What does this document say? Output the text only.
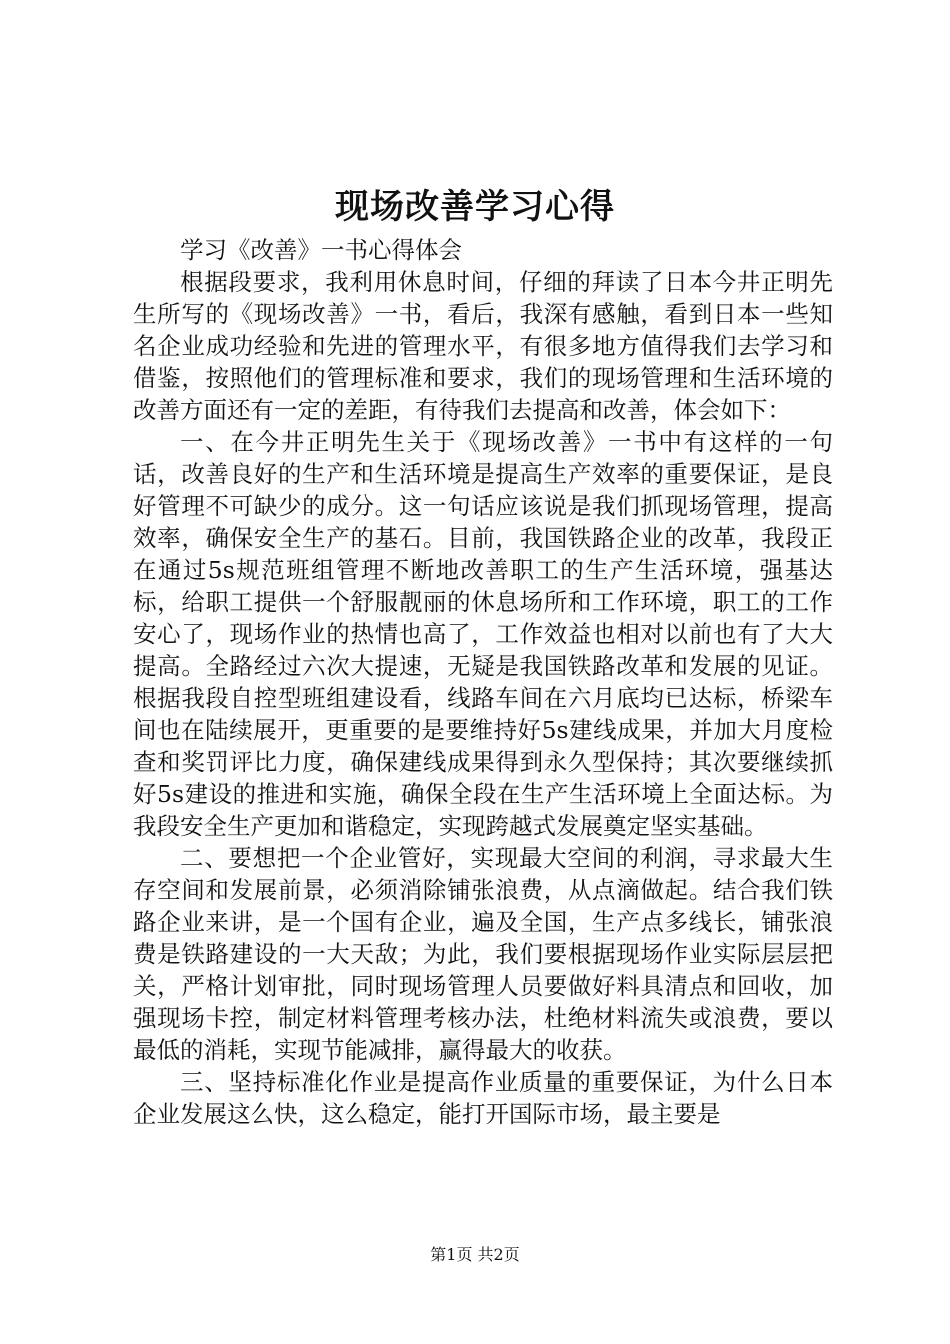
现场改善学习心得

学习《改善》一书心得体会

根据段要求，我利用休息时间，仔细的拜读了日本今井正明先生所写的《现场改善》一书，看后，我深有感触，看到日本一些知名企业成功经验和先进的管理水平，有很多地方值得我们去学习和借鉴，按照他们的管理标准和要求，我们的现场管理和生活环境的改善方面还有一定的差距，有待我们去提高和改善，体会如下：

一、在今井正明先生关于《现场改善》一书中有这样的一句话，改善良好的生产和生活环境是提高生产效率的重要保证，是良好管理不可缺少的成分。这一句话应该说是我们抓现场管理，提高效率，确保安全生产的基石。目前，我国铁路企业的改革，我段正在通过5s规范班组管理不断地改善职工的生产生活环境，强基达标，给职工提供一个舒服靓丽的休息场所和工作环境，职工的工作安心了，现场作业的热情也高了，工作效益也相对以前也有了大大提高。全路经过六次大提速，无疑是我国铁路改革和发展的见证。根据我段自控型班组建设看，线路车间在六月底均已达标，桥梁车间也在陆续展开，更重要的是要维持好5s建线成果，并加大月度检查和奖罚评比力度，确保建线成果得到永久型保持；其次要继续抓好5s建设的推进和实施，确保全段在生产生活环境上全面达标。为我段安全生产更加和谐稳定，实现跨越式发展奠定坚实基础。

二、要想把一个企业管好，实现最大空间的利润，寻求最大生存空间和发展前景，必须消除铺张浪费，从点滴做起。结合我们铁路企业来讲，是一个国有企业，遍及全国，生产点多线长，铺张浪费是铁路建设的一大天敌；为此，我们要根据现场作业实际层层把关，严格计划审批，同时现场管理人员要做好料具清点和回收，加强现场卡控，制定材料管理考核办法，杜绝材料流失或浪费，要以最低的消耗，实现节能减排，赢得最大的收获。

三、坚持标准化作业是提高作业质量的重要保证，为什么日本企业发展这么快，这么稳定，能打开国际市场，最主要是

第1页 共2页
